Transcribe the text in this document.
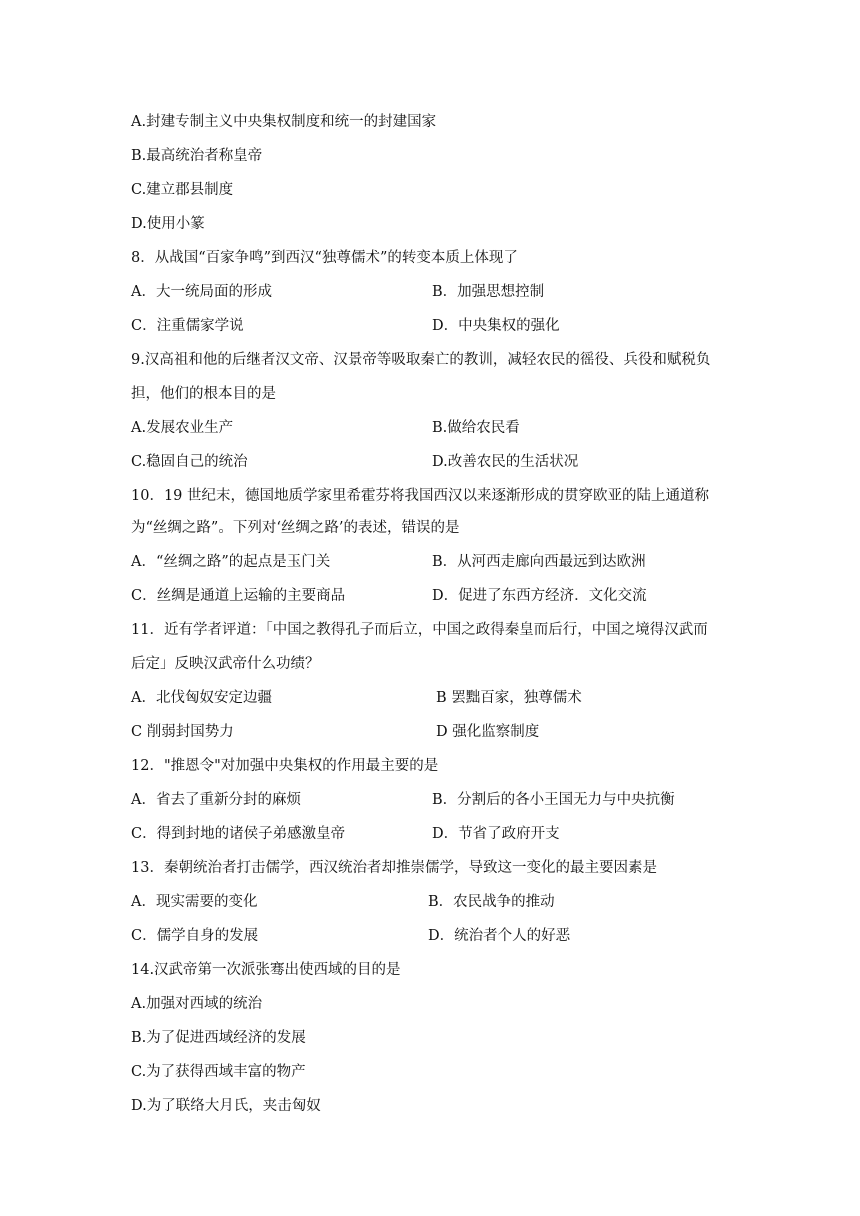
A.封建专制主义中央集权制度和统一的封建国家
B.最高统治者称皇帝
C.建立郡县制度
D.使用小篆
8．从战国“百家争鸣”到西汉“独尊儒术”的转变本质上体现了
A．大一统局面的形成	B．加强思想控制
C．注重儒家学说	D．中央集权的强化
9.汉高祖和他的后继者汉文帝、汉景帝等吸取秦亡的教训，减轻农民的徭役、兵役和赋税负
担，他们的根本目的是
A.发展农业生产	B.做给农民看
C.稳固自己的统治	D.改善农民的生活状况
10．19 世纪末，德国地质学家里希霍芬将我国西汉以来逐渐形成的贯穿欧亚的陆上通道称
为“丝绸之路”。下列对‘丝绸之路’的表述，错误的是
A．“丝绸之路”的起点是玉门关	B．从河西走廊向西最远到达欧洲
C．丝绸是通道上运输的主要商品	D．促进了东西方经济．文化交流
11．近有学者评道：「中国之教得孔子而后立，中国之政得秦皇而后行，中国之境得汉武而
后定」反映汉武帝什么功绩？
A．北伐匈奴安定边疆	B 罢黜百家，独尊儒术
C 削弱封国势力	D 强化监察制度
12．"推恩令"对加强中央集权的作用最主要的是
A．省去了重新分封的麻烦	B．分割后的各小王国无力与中央抗衡
C．得到封地的诸侯子弟感激皇帝	D．节省了政府开支
13．秦朝统治者打击儒学，西汉统治者却推崇儒学，导致这一变化的最主要因素是
A．现实需要的变化	B．农民战争的推动
C．儒学自身的发展	D．统治者个人的好恶
14.汉武帝第一次派张骞出使西域的目的是
A.加强对西域的统治
B.为了促进西域经济的发展
C.为了获得西域丰富的物产
D.为了联络大月氏，夹击匈奴
